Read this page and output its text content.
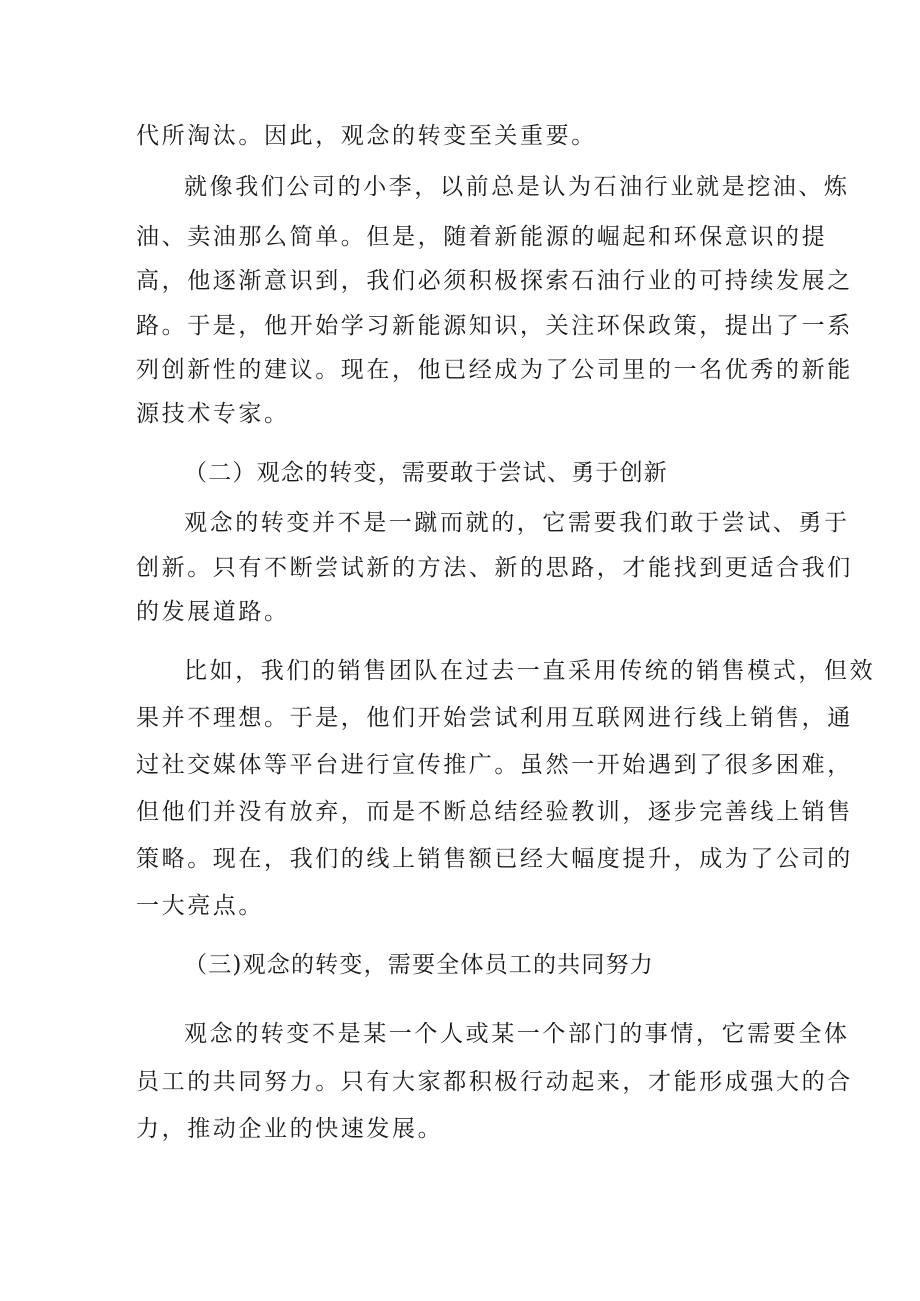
代所淘汰。因此，观念的转变至关重要。
就像我们公司的小李，以前总是认为石油行业就是挖油、炼
油、卖油那么简单。但是，随着新能源的崛起和环保意识的提
高，他逐渐意识到，我们必须积极探索石油行业的可持续发展之
路。于是，他开始学习新能源知识，关注环保政策，提出了一系
列创新性的建议。现在，他已经成为了公司里的一名优秀的新能
源技术专家。
（二）观念的转变，需要敢于尝试、勇于创新
观念的转变并不是一蹴而就的，它需要我们敢于尝试、勇于
创新。只有不断尝试新的方法、新的思路，才能找到更适合我们
的发展道路。
比如，我们的销售团队在过去一直采用传统的销售模式，但效
果并不理想。于是，他们开始尝试利用互联网进行线上销售，通
过社交媒体等平台进行宣传推广。虽然一开始遇到了很多困难，
但他们并没有放弃，而是不断总结经验教训，逐步完善线上销售
策略。现在，我们的线上销售额已经大幅度提升，成为了公司的
一大亮点。
（三)观念的转变，需要全体员工的共同努力
观念的转变不是某一个人或某一个部门的事情，它需要全体
员工的共同努力。只有大家都积极行动起来，才能形成强大的合
力，推动企业的快速发展。
